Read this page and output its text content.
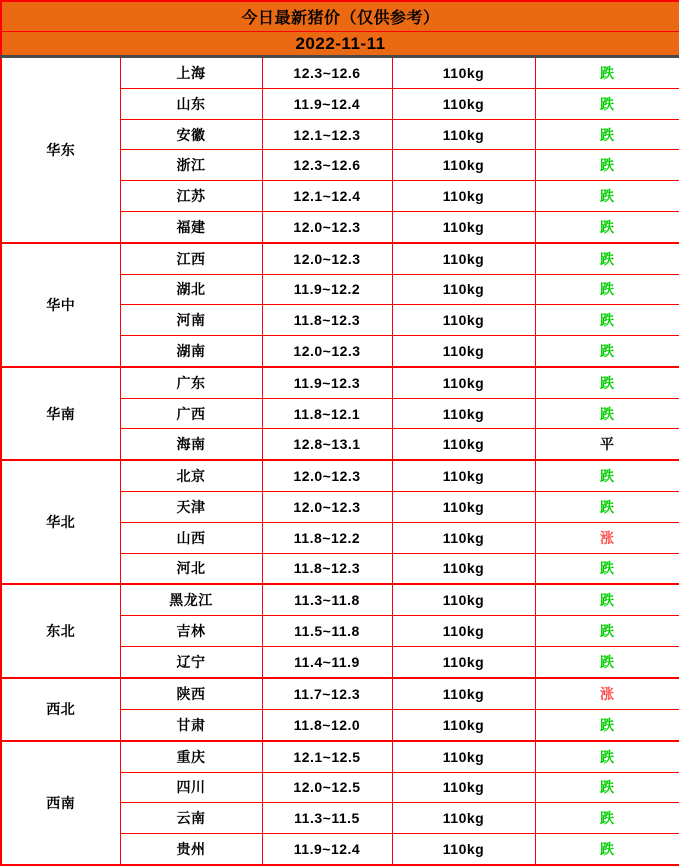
今日最新猪价（仅供参考）				
2022-11-11				
华东	上海	12.3~12.6	110kg	跌
	山东	11.9~12.4	110kg	跌
	安徽	12.1~12.3	110kg	跌
	浙江	12.3~12.6	110kg	跌
	江苏	12.1~12.4	110kg	跌
	福建	12.0~12.3	110kg	跌
华中	江西	12.0~12.3	110kg	跌
	湖北	11.9~12.2	110kg	跌
	河南	11.8~12.3	110kg	跌
	湖南	12.0~12.3	110kg	跌
华南	广东	11.9~12.3	110kg	跌
	广西	11.8~12.1	110kg	跌
	海南	12.8~13.1	110kg	平
华北	北京	12.0~12.3	110kg	跌
	天津	12.0~12.3	110kg	跌
	山西	11.8~12.2	110kg	涨
	河北	11.8~12.3	110kg	跌
东北	黑龙江	11.3~11.8	110kg	跌
	吉林	11.5~11.8	110kg	跌
	辽宁	11.4~11.9	110kg	跌
西北	陕西	11.7~12.3	110kg	涨
	甘肃	11.8~12.0	110kg	跌
西南	重庆	12.1~12.5	110kg	跌
	四川	12.0~12.5	110kg	跌
	云南	11.3~11.5	110kg	跌
	贵州	11.9~12.4	110kg	跌
